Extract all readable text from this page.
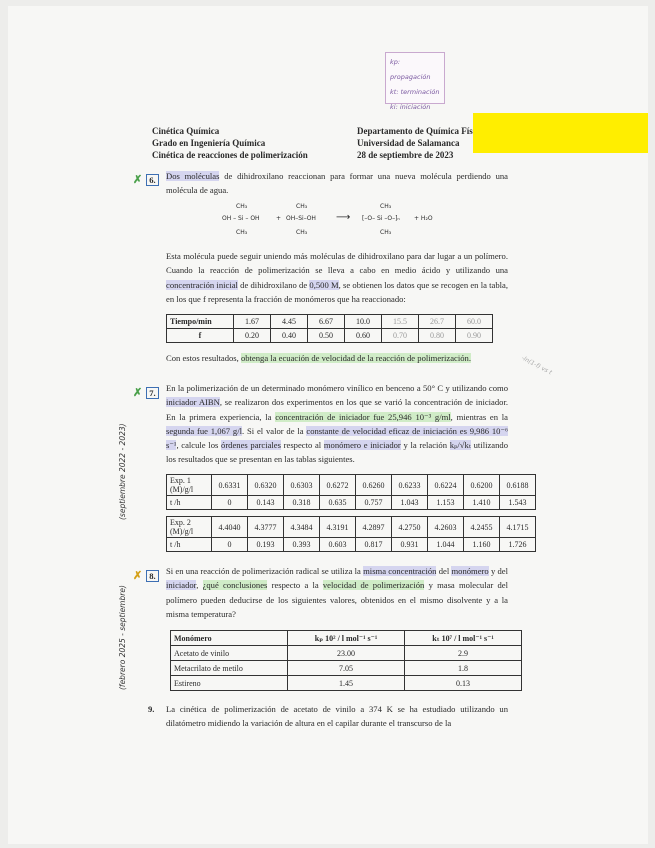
kp: propagación
kt: terminación
ki: iniciación
Cinética Química
Grado en Ingeniería Química
Cinética de reacciones de polimerización
Departamento de Química Fís
Universidad de Salamanca
28 de septiembre de 2023
✗ 6.	Dos moléculas de dihidroxilano reaccionan para formar una nueva molécula perdiendo una molécula de agua.
CH₃
OH – Si – OH
CH₃
+
CH₃
OH–Si–OH
CH₃
⟶
CH₃
[–O– Si –O–]ₙ
CH₃
+ H₂O
Esta molécula puede seguir uniendo más moléculas de dihidroxilano para dar lugar a un polímero. Cuando la reacción de polimerización se lleva a cabo en medio ácido y utilizando una concentración inicial de dihidroxilano de 0,500 M, se obtienen los datos que se recogen en la tabla, en los que f representa la fracción de monómeros que ha reaccionado:
Tiempo/min	1.67	4.45	6.67	10.0	15.5	26.7	60.0
f	0.20	0.40	0.50	0.60	0.70	0.80	0.90
Con estos resultados, obtenga la ecuación de velocidad de la reacción de polimerización.	-ln(1-f) vs t
✗ 7.	En la polimerización de un determinado monómero vinílico en benceno a 50° C y utilizando como iniciador AIBN, se realizaron dos experimentos en los que se varió la concentración de iniciador. En la primera experiencia, la concentración de iniciador fue 25,946 10⁻³ g/ml, mientras en la segunda fue 1,067 g/l. Si el valor de la constante de velocidad eficaz de iniciación es 9,986 10⁻⁶ s⁻¹, calcule los órdenes parciales respecto al monómero e iniciador y la relación kₚ/√kₜ utilizando los resultados que se presentan en las tablas siguientes.
(septiembre 2022 - 2023)	Exp. 1 (M)/g/l	0.6331	0.6320	0.6303	0.6272	0.6260	0.6233	0.6224	0.6200	0.6188
t /h	0	0.143	0.318	0.635	0.757	1.043	1.153	1.410	1.543
Exp. 2 (M)/g/l	4.4040	4.3777	4.3484	4.3191	4.2897	4.2750	4.2603	4.2455	4.1715
t /h	0	0.193	0.393	0.603	0.817	0.931	1.044	1.160	1.726
✗ 8.	Si en una reacción de polimerización radical se utiliza la misma concentración del monómero y del iniciador, ¿qué conclusiones respecto a la velocidad de polimerización y masa molecular del polímero pueden deducirse de los siguientes valores, obtenidos en el mismo disolvente y a la misma temperatura?
(febrero 2025 - septiembre)	Monómero	kₚ 10² / l mol⁻¹ s⁻¹	kₜ 10⁷ / l mol⁻¹ s⁻¹
Acetato de vinilo	23.00	2.9
Metacrilato de metilo	7.05	1.8
Estireno	1.45	0.13
9. La cinética de polimerización de acetato de vinilo a 374 K se ha estudiado utilizando un dilatómetro midiendo la variación de altura en el capilar durante el transcurso de la
